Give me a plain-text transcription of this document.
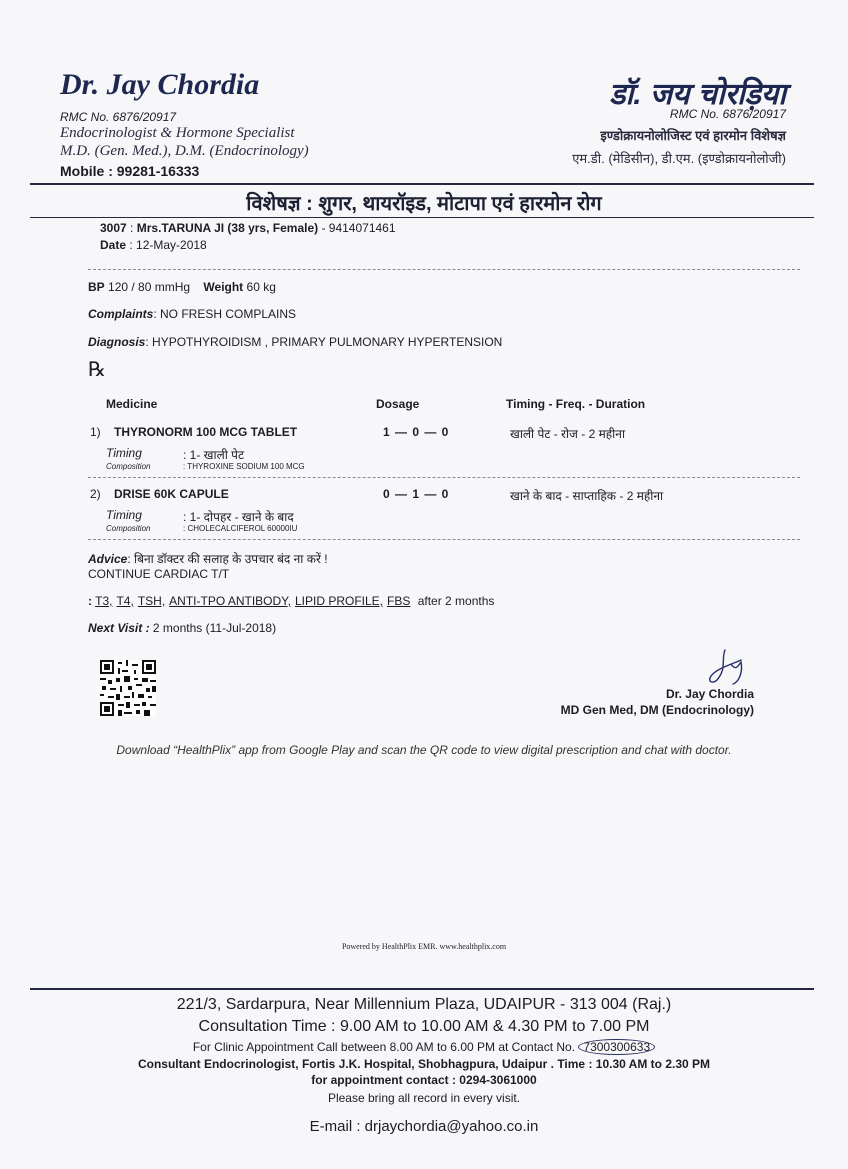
Dr. Jay Chordia
RMC No. 6876/20917
Endocrinologist & Hormone Specialist
M.D. (Gen. Med.), D.M. (Endocrinology)
Mobile : 99281-16333
डॉ. जय चोरड़िया
RMC No. 6876/20917
इण्डोक्रायनोलोजिस्ट एवं हारमोन विशेषज्ञ
एम.डी. (मेडिसीन), डी.एम. (इण्डोक्रायनोलोजी)
विशेषज्ञ : शुगर, थायरॉइड, मोटापा एवं हारमोन रोग
3007 : Mrs.TARUNA JI (38 yrs, Female) - 9414071461
Date : 12-May-2018
BP 120 / 80 mmHg Weight 60 kg
Complaints: NO FRESH COMPLAINS
Diagnosis: HYPOTHYROIDISM , PRIMARY PULMONARY HYPERTENSION
℞
Medicine	Dosage	Timing - Freq. - Duration
1) THYRONORM 100 MCG TABLET	1 — 0 — 0	खाली पेट - रोज - 2 महीना
Timing	: 1- खाली पेट
Composition	: THYROXINE SODIUM 100 MCG
2) DRISE 60K CAPULE	0 — 1 — 0	खाने के बाद - साप्ताहिक - 2 महीना
Timing	: 1- दोपहर - खाने के बाद
Composition	: CHOLECALCIFEROL 60000IU
Advice: बिना डॉक्टर की सलाह के उपचार बंद ना करें !
CONTINUE CARDIAC T/T
: T3, T4, TSH, ANTI-TPO ANTIBODY, LIPID PROFILE, FBS after 2 months
Next Visit : 2 months (11-Jul-2018)
Dr. Jay Chordia
MD Gen Med, DM (Endocrinology)
Download “HealthPlix” app from Google Play and scan the QR code to view digital prescription and chat with doctor.
Powered by HealthPlix EMR. www.healthplix.com
221/3, Sardarpura, Near Millennium Plaza, UDAIPUR - 313 004 (Raj.)
Consultation Time : 9.00 AM to 10.00 AM & 4.30 PM to 7.00 PM
For Clinic Appointment Call between 8.00 AM to 6.00 PM at Contact No. 7300300633
Consultant Endocrinologist, Fortis J.K. Hospital, Shobhagpura, Udaipur . Time : 10.30 AM to 2.30 PM
for appointment contact : 0294-3061000
Please bring all record in every visit.
E-mail : drjaychordia@yahoo.co.in
